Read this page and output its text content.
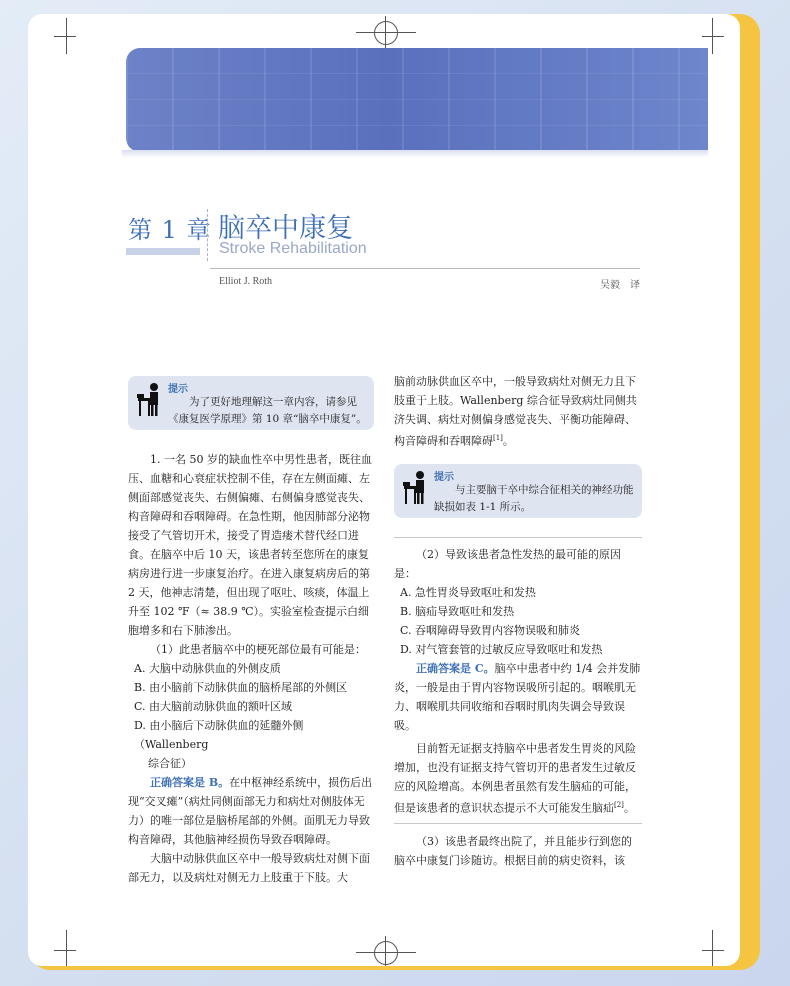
第 1 章 脑卒中康复
Stroke Rehabilitation
Elliot J. Roth	吴毅　译
提示
为了更好地理解这一章内容，请参见《康复医学原理》第 10 章“脑卒中康复”。
提示
与主要脑干卒中综合征相关的神经功能缺损如表 1-1 所示。

1. 一名 50 岁的缺血性卒中男性患者，既往血压、血糖和心衰症状控制不佳，存在左侧面瘫、左侧面部感觉丧失、右侧偏瘫、右侧偏身感觉丧失、构音障碍和吞咽障碍。在急性期，他因肺部分泌物接受了气管切开术，接受了胃造瘘术替代经口进食。在脑卒中后 10 天，该患者转至您所在的康复病房进行进一步康复治疗。在进入康复病房后的第 2 天，他神志清楚，但出现了呕吐、咳痰，体温上升至 102 ℉（≈ 38.9 ℃）。实验室检查提示白细胞增多和右下肺渗出。

（1）此患者脑卒中的梗死部位最有可能是：

A. 大脑中动脉供血的外侧皮质

B. 由小脑前下动脉供血的脑桥尾部的外侧区

C. 由大脑前动脉供血的额叶区域

D. 由小脑后下动脉供血的延髓外侧（Wallenberg

综合征）

正确答案是 B。在中枢神经系统中，损伤后出现“交叉瘫”（病灶同侧面部无力和病灶对侧肢体无力）的唯一部位是脑桥尾部的外侧。面肌无力导致构音障碍，其他脑神经损伤导致吞咽障碍。

大脑中动脉供血区卒中一般导致病灶对侧下面部无力，以及病灶对侧无力上肢重于下肢。大

脑前动脉供血区卒中，一般导致病灶对侧无力且下肢重于上肢。Wallenberg 综合征导致病灶同侧共济失调、病灶对侧偏身感觉丧失、平衡功能障碍、构音障碍和吞咽障碍[1]。

（2）导致该患者急性发热的最可能的原因是：

A. 急性胃炎导致呕吐和发热

B. 脑疝导致呕吐和发热

C. 吞咽障碍导致胃内容物误吸和肺炎

D. 对气管套管的过敏反应导致呕吐和发热

正确答案是 C。脑卒中患者中约 1/4 会并发肺炎，一般是由于胃内容物误吸所引起的。咽喉肌无力、咽喉肌共同收缩和吞咽时肌肉失调会导致误吸。

目前暂无证据支持脑卒中患者发生胃炎的风险增加，也没有证据支持气管切开的患者发生过敏反应的风险增高。本例患者虽然有发生脑疝的可能，但是该患者的意识状态提示不大可能发生脑疝[2]。

（3）该患者最终出院了，并且能步行到您的脑卒中康复门诊随访。根据目前的病史资料，该
